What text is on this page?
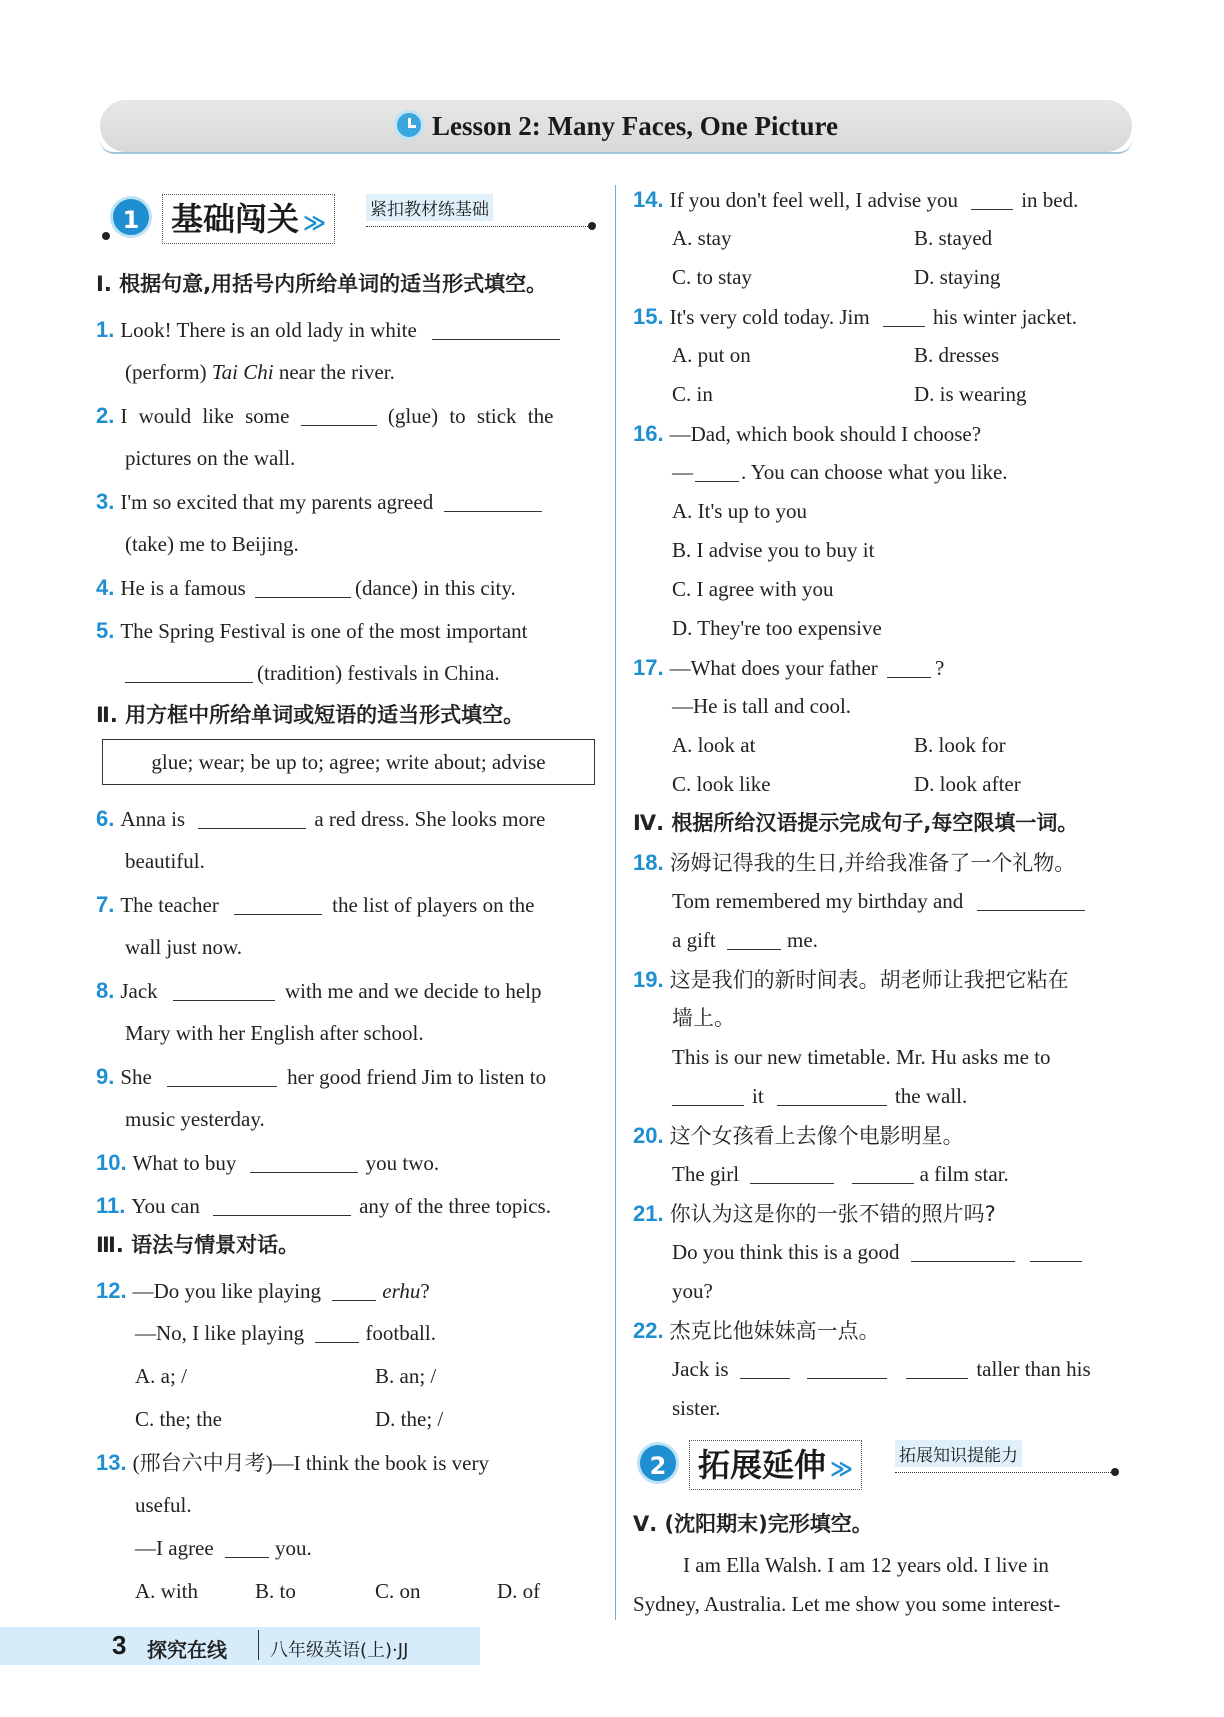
Lesson 2: Many Faces, One Picture
1 基础闯关 ≫
紧扣教材练基础
Ⅰ. 根据句意,用括号内所给单词的适当形式填空。
1. Look! There is an old lady in white
(perform) Tai Chi near the river.
2. I would like some	(glue) to stick the
pictures on the wall.
3. I'm so excited that my parents agreed
(take) me to Beijing.
4. He is a famous	(dance) in this city.
5. The Spring Festival is one of the most important
(tradition) festivals in China.
Ⅱ. 用方框中所给单词或短语的适当形式填空。
glue; wear; be up to; agree; write about; advise
6. Anna is	a red dress. She looks more
beautiful.
7. The teacher	the list of players on the
wall just now.
8. Jack	with me and we decide to help
Mary with her English after school.
9. She	her good friend Jim to listen to
music yesterday.
10. What to buy	you two.
11. You can	any of the three topics.
Ⅲ. 语法与情景对话。
12. —Do you like playing	erhu?
—No, I like playing	football.
A. a; /	B. an; /
C. the; the	D. the; /
13. (邢台六中月考)—I think the book is very
useful.
—I agree	you.
A. with	B. to	C. on	D. of
14. If you don't feel well, I advise you	in bed.
A. stay	B. stayed
C. to stay	D. staying
15. It's very cold today. Jim	his winter jacket.
A. put on	B. dresses
C. in	D. is wearing
16. —Dad, which book should I choose?
— . You can choose what you like.
A. It's up to you
B. I advise you to buy it
C. I agree with you
D. They're too expensive
17. —What does your father	?
—He is tall and cool.
A. look at	B. look for
C. look like	D. look after
Ⅳ. 根据所给汉语提示完成句子,每空限填一词。
18. 汤姆记得我的生日,并给我准备了一个礼物。
Tom remembered my birthday and
a gift	me.
19. 这是我们的新时间表。胡老师让我把它粘在
墙上。
This is our new timetable. Mr. Hu asks me to
it	the wall.
20. 这个女孩看上去像个电影明星。
The girl	a film star.
21. 你认为这是你的一张不错的照片吗?
Do you think this is a good
you?
22. 杰克比他妹妹高一点。
Jack is	taller than his
sister.
2 拓展延伸 ≫
拓展知识提能力
Ⅴ. (沈阳期末)完形填空。
I am Ella Walsh. I am 12 years old. I live in
Sydney, Australia. Let me show you some interest-
3 探究在线 八年级英语(上)·JJ
